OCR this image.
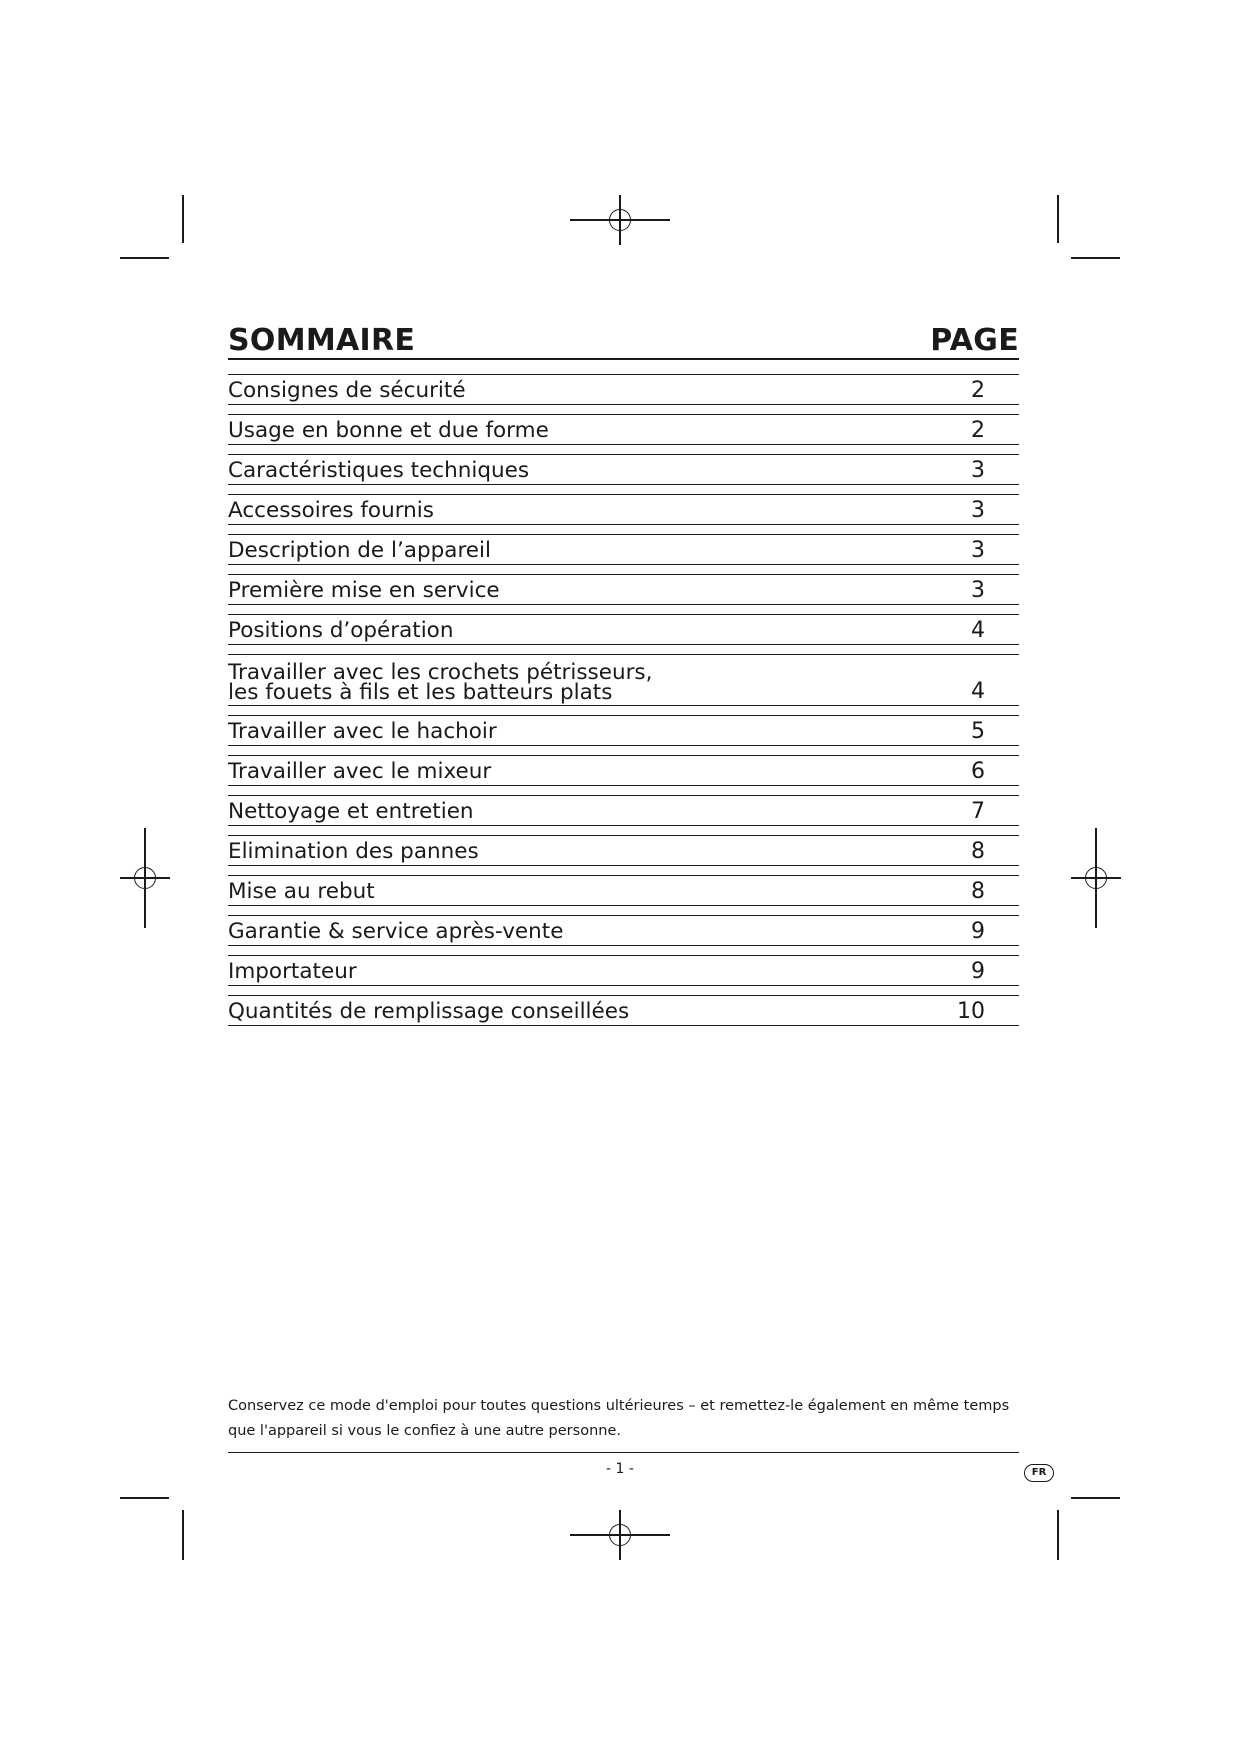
SOMMAIRE	PAGE
Consignes de sécurité	2
Usage en bonne et due forme	2
Caractéristiques techniques	3
Accessoires fournis	3
Description de l’appareil	3
Première mise en service	3
Positions d’opération	4
Travailler avec les crochets pétrisseurs,
les fouets à fils et les batteurs plats	4
Travailler avec le hachoir	5
Travailler avec le mixeur	6
Nettoyage et entretien	7
Elimination des pannes	8
Mise au rebut	8
Garantie & service après-vente	9
Importateur	9
Quantités de remplissage conseillées	10
Conservez ce mode d'emploi pour toutes questions ultérieures – et remettez-le également en même temps que l'appareil si vous le confiez à une autre personne.
- 1 -	FR
